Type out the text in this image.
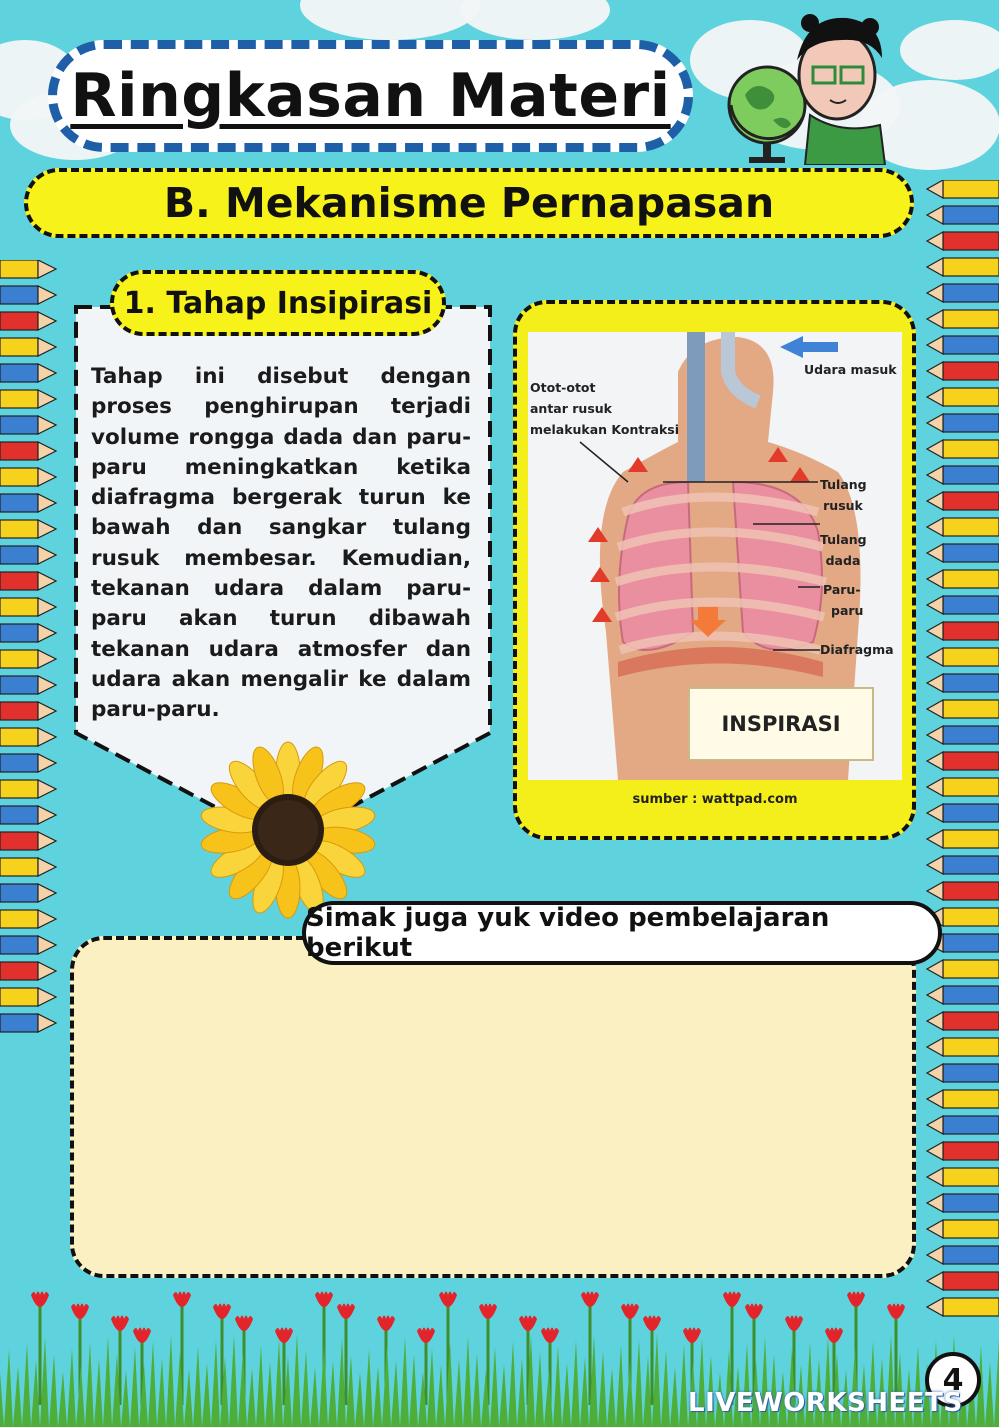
Ringkasan Materi
B. Mekanisme Pernapasan
1. Tahap Insipirasi
Tahap ini disebut dengan proses penghirupan terjadi volume rongga dada dan paru-paru meningkatkan ketika diafragma bergerak turun ke bawah dan sangkar tulang rusuk membesar. Kemudian, tekanan udara dalam paru-paru akan turun dibawah tekanan udara atmosfer dan udara akan mengalir ke dalam paru-paru.
Udara masuk
Otot-otot
antar rusuk
melakukan Kontraksi
Tulang
rusuk
Tulang
dada
Paru-
paru
Diafragma
INSPIRASI
sumber : wattpad.com
Simak juga yuk video pembelajaran berikut
4
LIVEWORKSHEETS
